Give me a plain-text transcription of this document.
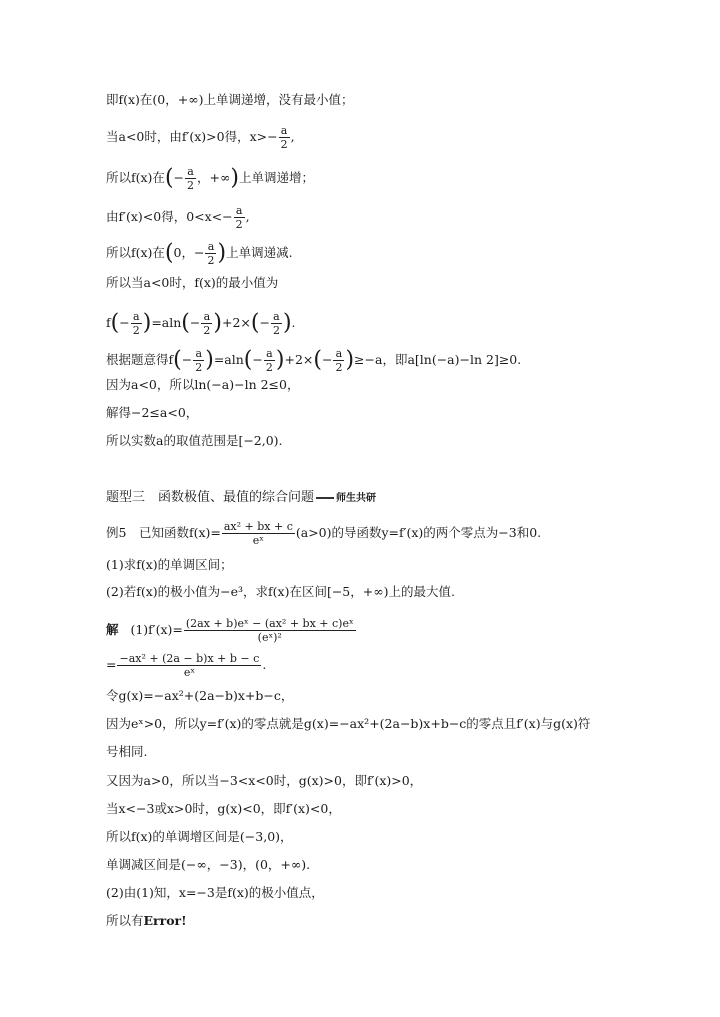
即f(x)在(0，+∞)上单调递增，没有最小值；
当a<0时，由f′(x)>0得，$x>- \frac{a}{2}$ ,
所以f(x)在(− $\frac{a}{2}$ ，+∞)上单调递增；
由f′(x)<0得，$0<x<- \frac{a}{2}$ ,
所以f(x)在(0，− $\frac{a}{2}$ )上单调递减.
所以当a<0时，f(x)的最小值为
$f(- \frac{a}{2} )=aln(- \frac{a}{2} )+2\times(- \frac{a}{2}$ ).
根据题意得$f(- \frac{a}{2} )=aln(- \frac{a}{2} )+2\times(- \frac{a}{2} )\ge-a$，即a[ln(−a)−ln 2]≥0.
因为a<0，所以ln(−a)−ln 2≤0，
解得−2≤a<0，
所以实数a的取值范围是[−2,0).
题型三　函数极值、最值的综合问题 师生共研
例5　已知函数$f(x)= \frac{\text{ax² + bx + c}}{\text{eˣ}} (a>0)$的导函数y=f′(x)的两个零点为−3和0.
(1)求f(x)的单调区间；
(2)若f(x)的极小值为−e³，求f(x)在区间[−5，+∞)上的最大值.
解 $(1)f'(x)= \frac{\text{(2ax + b)eˣ − (ax² + bx + c)eˣ}}{\text{(eˣ)²}}$
= $\frac{\text{−ax² + (2a − b)x + b − c}}{\text{eˣ}}$ .
令g(x)=−ax²+(2a−b)x+b−c，
因为eˣ>0，所以y=f′(x)的零点就是g(x)=−ax²+(2a−b)x+b−c的零点且f′(x)与g(x)符
号相同.
又因为a>0，所以当−3<x<0时，g(x)>0，即f′(x)>0，
当x<−3或x>0时，g(x)<0，即f′(x)<0，
所以f(x)的单调增区间是(−3,0)，
单调减区间是(−∞，−3)，(0，+∞).
(2)由(1)知，x=−3是f(x)的极小值点，
所以有Error!
